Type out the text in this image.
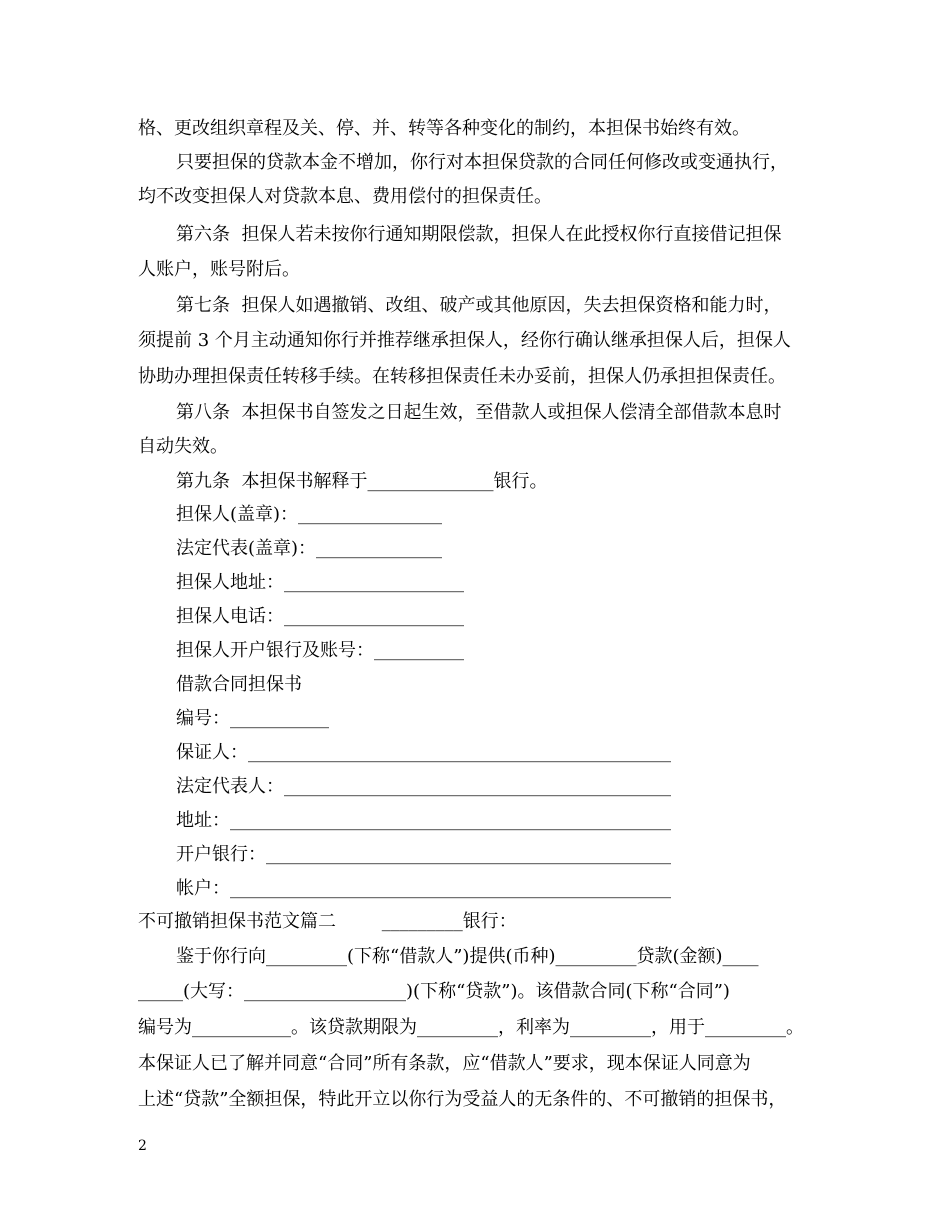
格、更改组织章程及关、停、并、转等各种变化的制约，本担保书始终有效。
只要担保的贷款本金不增加，你行对本担保贷款的合同任何修改或变通执行，
均不改变担保人对贷款本息、费用偿付的担保责任。
第六条  担保人若未按你行通知期限偿款，担保人在此授权你行直接借记担保
人账户，账号附后。
第七条  担保人如遇撤销、改组、破产或其他原因，失去担保资格和能力时，
须提前 3 个月主动通知你行并推荐继承担保人，经你行确认继承担保人后，担保人
协助办理担保责任转移手续。在转移担保责任未办妥前，担保人仍承担担保责任。
第八条  本担保书自签发之日起生效，至借款人或担保人偿清全部借款本息时
自动失效。
第九条  本担保书解释于______________银行。
担保人(盖章)：________________
法定代表(盖章)：______________
担保人地址：____________________
担保人电话：____________________
担保人开户银行及账号：__________
借款合同担保书
编号：___________
保证人：_______________________________________________
法定代表人：___________________________________________
地址：_________________________________________________
开户银行：_____________________________________________
帐户：_________________________________________________
不可撤销担保书范文篇二        _________银行：
鉴于你行向_________(下称“借款人”)提供(币种)_________贷款(金额)____
_____(大写：__________________)(下称“贷款”)。该借款合同(下称“合同”)
编号为___________。该贷款期限为_________，利率为_________，用于_________。
本保证人已了解并同意“合同”所有条款，应“借款人”要求，现本保证人同意为
上述“贷款”全额担保，特此开立以你行为受益人的无条件的、不可撤销的担保书，
2
